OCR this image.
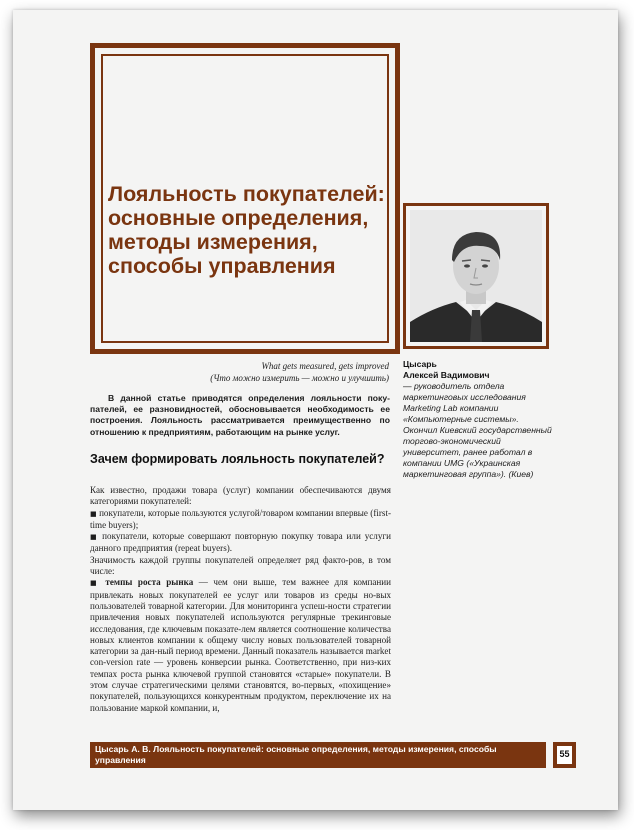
Лояльность покупателей: основные определения, методы измерения, способы управления
What gets measured, gets improved
(Что можно измерить — можно и улучшить)

В данной статье приводятся определения лояльности поку-пателей, ее разновидностей, обосновывается необходимость ее построения. Лояльность рассматривается преимущественно по отношению к предприятиям, работающим на рынке услуг.

Зачем формировать лояльность покупателей?

Как известно, продажи товара (услуг) компании обеспечиваются двумя категориями покупателей:

■ покупатели, которые пользуются услугой/товаром компании впервые (first-time buyers);

■ покупатели, которые совершают повторную покупку товара или услуги данного предприятия (repeat buyers).

Значимость каждой группы покупателей определяет ряд факто-ров, в том числе:

■ темпы роста рынка — чем они выше, тем важнее для компании привлекать новых покупателей ее услуг или товаров из среды но-вых пользователей товарной категории. Для мониторинга успеш-ности стратегии привлечения новых покупателей используются регулярные трекинговые исследования, где ключевым показате-лем является соотношение количества новых клиентов компании к общему числу новых пользователей товарной категории за дан-ный период времени. Данный показатель называется market con-version rate — уровень конверсии рынка. Соответственно, при низ-ких темпах роста рынка ключевой группой становятся «старые» покупатели. В этом случае стратегическими целями становятся, во-первых, «похищение» покупателей, пользующихся конкурентным продуктом, переключение их на пользование маркой компании, и,

Цысарь
Алексей Вадимович
— руководитель отдела маркетинговых исследования Marketing Lab компании «Компьютерные системы». Окончил Киевский государственный торгово-экономический университет, ранее работал в компании UMG («Украинская маркетинговая группа»). (Киев)
Цысарь А. В. Лояльность покупателей: основные определения, методы измерения, способы управления
55
